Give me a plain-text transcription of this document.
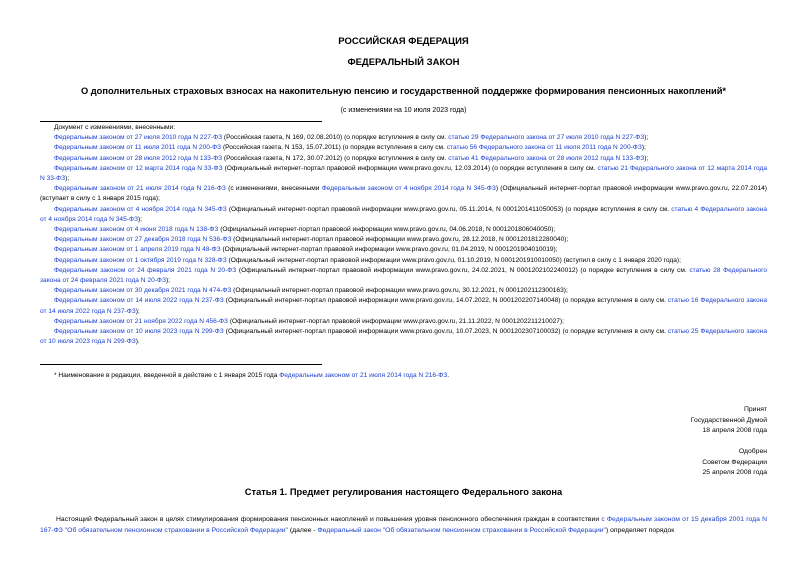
РОССИЙСКАЯ ФЕДЕРАЦИЯ
ФЕДЕРАЛЬНЫЙ ЗАКОН
О дополнительных страховых взносах на накопительную пенсию и государственной поддержке формирования пенсионных накоплений*
(с изменениями на 10 июля 2023 года)
Документ с изменениями, внесенными:
Федеральным законом от 27 июля 2010 года N 227-ФЗ (Российская газета, N 169, 02.08.2010) (о порядке вступления в силу см. статью 29 Федерального закона от 27 июля 2010 года N 227-ФЗ);
Федеральным законом от 11 июля 2011 года N 200-ФЗ (Российская газета, N 153, 15.07.2011) (о порядке вступления в силу см. статью 56 Федерального закона от 11 июля 2011 года N 200-ФЗ);
Федеральным законом от 28 июля 2012 года N 133-ФЗ (Российская газета, N 172, 30.07.2012) (о порядке вступления в силу см. статью 41 Федерального закона от 28 июля 2012 года N 133-ФЗ);
Федеральным законом от 12 марта 2014 года N 33-ФЗ (Официальный интернет-портал правовой информации www.pravo.gov.ru, 12.03.2014) (о порядке вступления в силу см. статью 21 Федерального закона от 12 марта 2014 года N 33-ФЗ);
Федеральным законом от 21 июля 2014 года N 216-ФЗ (с изменениями, внесенными Федеральным законом от 4 ноября 2014 года N 345-ФЗ) (Официальный интернет-портал правовой информации www.pravo.gov.ru, 22.07.2014) (вступает в силу с 1 января 2015 года);
Федеральным законом от 4 ноября 2014 года N 345-ФЗ (Официальный интернет-портал правовой информации www.pravo.gov.ru, 05.11.2014, N 0001201411050053) (о порядке вступления в силу см. статью 4 Федерального закона от 4 ноября 2014 года N 345-ФЗ);
Федеральным законом от 4 июня 2018 года N 138-ФЗ (Официальный интернет-портал правовой информации www.pravo.gov.ru, 04.06.2018, N 0001201806040050);
Федеральным законом от 27 декабря 2018 года N 536-ФЗ (Официальный интернет-портал правовой информации www.pravo.gov.ru, 28.12.2018, N 0001201812280040);
Федеральным законом от 1 апреля 2019 года N 48-ФЗ (Официальный интернет-портал правовой информации www.pravo.gov.ru, 01.04.2019, N 0001201904010019);
Федеральным законом от 1 октября 2019 года N 328-ФЗ (Официальный интернет-портал правовой информации www.pravo.gov.ru, 01.10.2019, N 0001201910010050) (вступил в силу с 1 января 2020 года);
Федеральным законом от 24 февраля 2021 года N 20-ФЗ (Официальный интернет-портал правовой информации www.pravo.gov.ru, 24.02.2021, N 0001202102240012) (о порядке вступления в силу см. статью 28 Федерального закона от 24 февраля 2021 года N 20-ФЗ);
Федеральным законом от 30 декабря 2021 года N 474-ФЗ (Официальный интернет-портал правовой информации www.pravo.gov.ru, 30.12.2021, N 0001202112300163);
Федеральным законом от 14 июля 2022 года N 237-ФЗ (Официальный интернет-портал правовой информации www.pravo.gov.ru, 14.07.2022, N 0001202207140048) (о порядке вступления в силу см. статью 16 Федерального закона от 14 июля 2022 года N 237-ФЗ);
Федеральным законом от 21 ноября 2022 года N 456-ФЗ (Официальный интернет-портал правовой информации www.pravo.gov.ru, 21.11.2022, N 0001202211210027);
Федеральным законом от 10 июля 2023 года N 299-ФЗ (Официальный интернет-портал правовой информации www.pravo.gov.ru, 10.07.2023, N 0001202307100032) (о порядке вступления в силу см. статью 25 Федерального закона от 10 июля 2023 года N 299-ФЗ).
* Наименование в редакции, введенной в действие с 1 января 2015 года Федеральным законом от 21 июля 2014 года N 216-ФЗ.
Принят
Государственной Думой
18 апреля 2008 года
Одобрен
Советом Федерации
25 апреля 2008 года
Статья 1. Предмет регулирования настоящего Федерального закона
Настоящий Федеральный закон в целях стимулирования формирования пенсионных накоплений и повышения уровня пенсионного обеспечения граждан в соответствии с Федеральным законом от 15 декабря 2001 года N 167-ФЗ "Об обязательном пенсионном страховании в Российской Федерации" (далее - Федеральный закон "Об обязательном пенсионном страховании в Российской Федерации") определяет порядок
